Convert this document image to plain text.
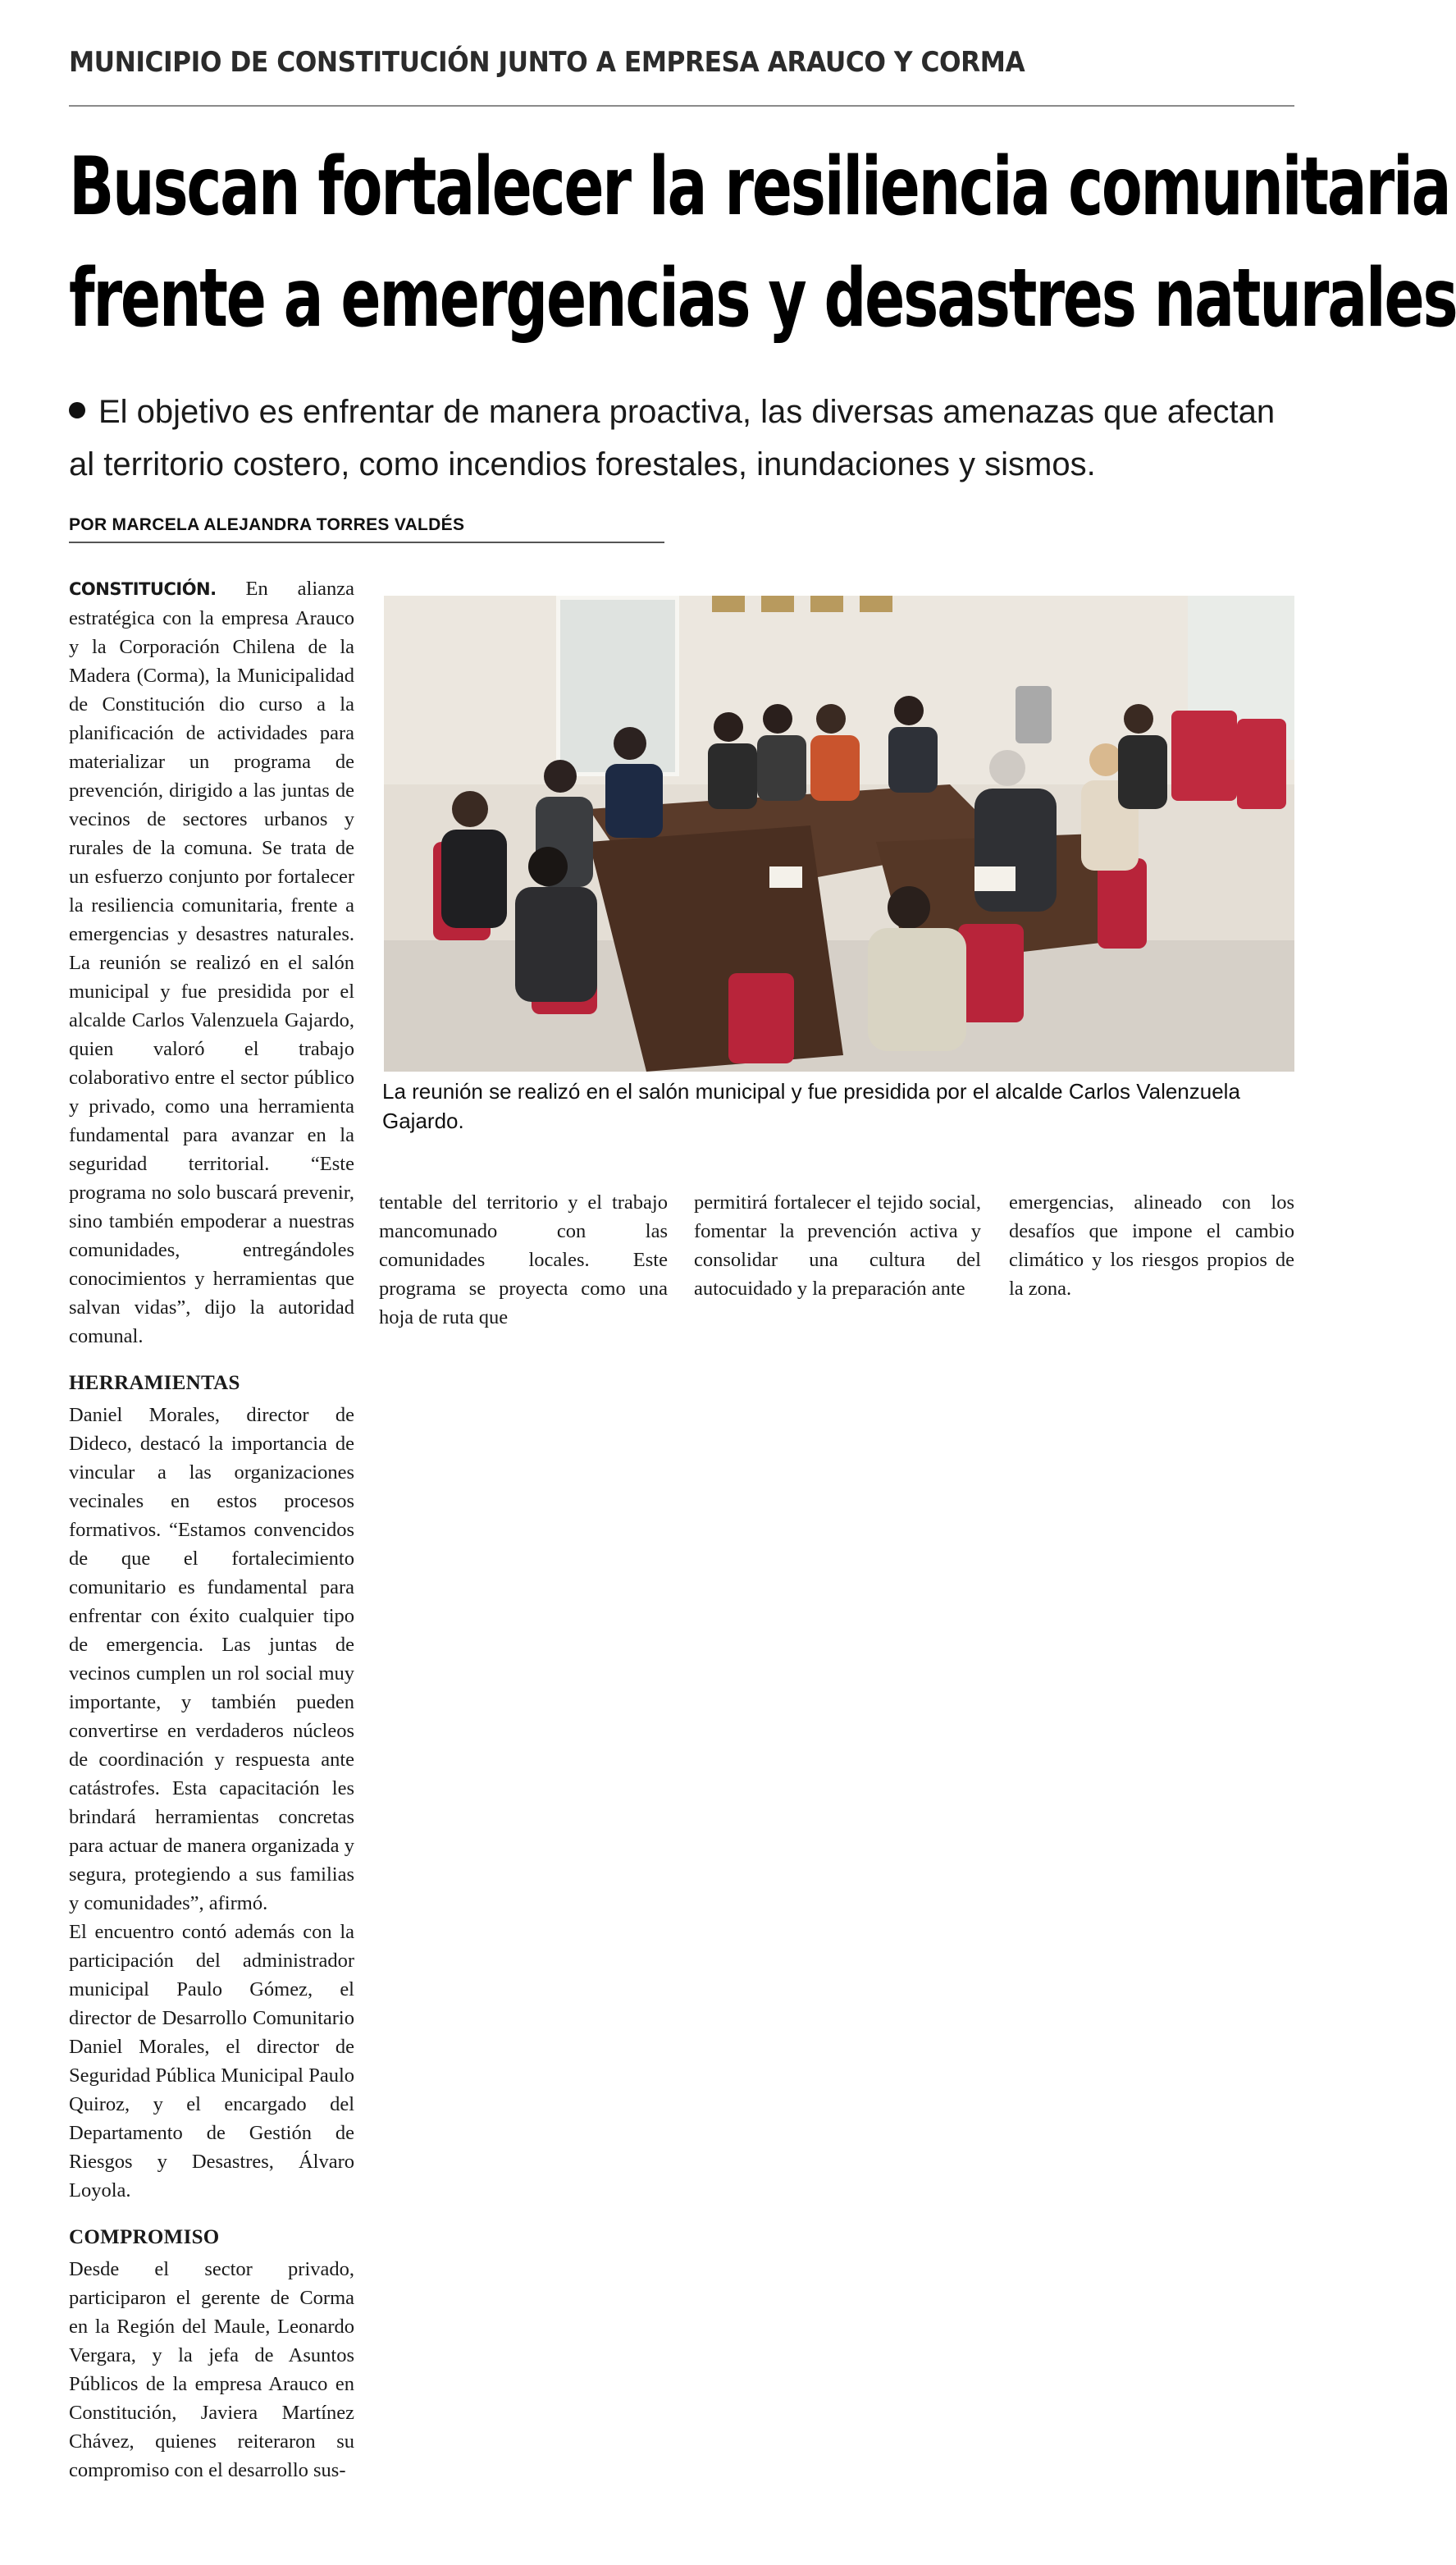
MUNICIPIO DE CONSTITUCIÓN JUNTO A EMPRESA ARAUCO Y CORMA
Buscan fortalecer la resiliencia comunitaria
frente a emergencias y desastres naturales
El objetivo es enfrentar de manera proactiva, las diversas amenazas que afectan al territorio costero, como incendios forestales, inundaciones y sismos.
POR MARCELA ALEJANDRA TORRES VALDÉS

CONSTITUCIÓN. En alianza estratégica con la empresa Arauco y la Corporación Chilena de la Madera (Corma), la Municipalidad de Constitución dio curso a la planificación de actividades para materializar un programa de prevención, dirigido a las juntas de vecinos de sectores urbanos y rurales de la comuna. Se trata de un esfuerzo conjunto por fortalecer la resiliencia comunitaria, frente a emergencias y desastres naturales. La reunión se realizó en el salón municipal y fue presidida por el alcalde Carlos Valenzuela Gajardo, quien valoró el trabajo colaborativo entre el sector público y privado, como una herramienta fundamental para avanzar en la seguridad territorial. “Este programa no solo buscará prevenir, sino también empoderar a nuestras comunidades, entregándoles conocimientos y herramientas que salvan vidas”, dijo la autoridad comunal.

HERRAMIENTAS

Daniel Morales, director de Dideco, destacó la importancia de vincular a las organizaciones vecinales en estos procesos formativos. “Estamos convencidos de que el fortalecimiento comunitario es fundamental para enfrentar con éxito cualquier tipo de emergencia. Las juntas de vecinos cumplen un rol social muy importante, y también pueden convertirse en verdaderos núcleos de coordinación y respuesta ante catástrofes. Esta capacitación les brindará herramientas concretas para actuar de manera organizada y segura, protegiendo a sus familias y comunidades”, afirmó.

El encuentro contó además con la participación del administrador municipal Paulo Gómez, el director de Desarrollo Comunitario Daniel Morales, el director de Seguridad Pública Municipal Paulo Quiroz, y el encargado del Departamento de Gestión de Riesgos y Desastres, Álvaro Loyola.

COMPROMISO

Desde el sector privado, participaron el gerente de Corma en la Región del Maule, Leonardo Vergara, y la jefa de Asuntos Públicos de la empresa Arauco en Constitución, Javiera Martínez Chávez, quienes reiteraron su compromiso con el desarrollo sus-

La reunión se realizó en el salón municipal y fue presidida por el alcalde Carlos Valenzuela Gajardo.

tentable del territorio y el trabajo mancomunado con las comunidades locales. Este programa se proyecta como una hoja de ruta que

permitirá fortalecer el tejido social, fomentar la prevención activa y consolidar una cultura del autocuidado y la preparación ante

emergencias, alineado con los desafíos que impone el cambio climático y los riesgos propios de la zona.
